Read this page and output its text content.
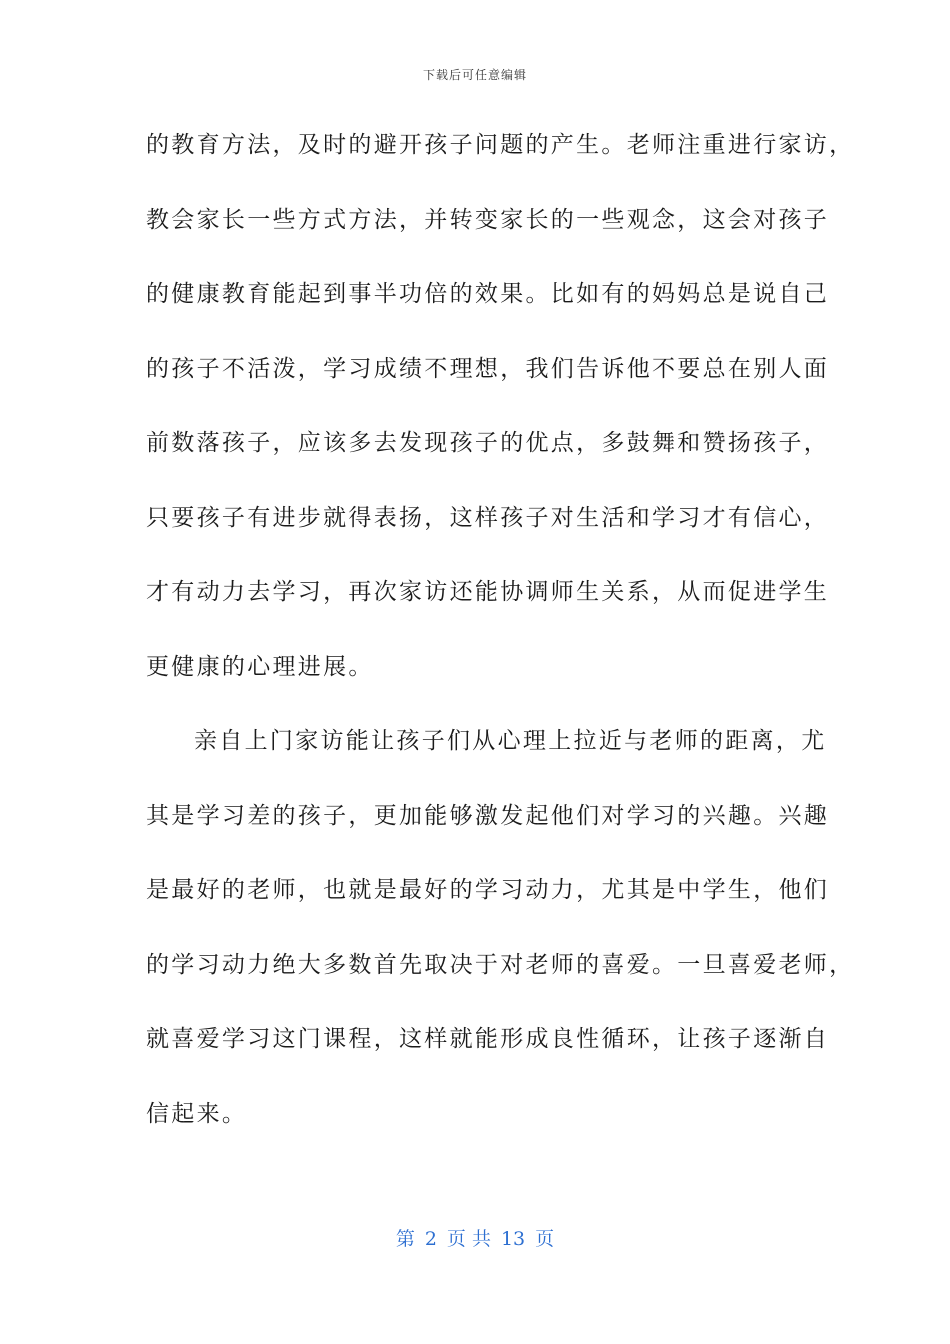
下载后可任意编辑
的教育方法，及时的避开孩子问题的产生。老师注重进行家访，
教会家长一些方式方法，并转变家长的一些观念，这会对孩子
的健康教育能起到事半功倍的效果。比如有的妈妈总是说自己
的孩子不活泼，学习成绩不理想，我们告诉他不要总在别人面
前数落孩子，应该多去发现孩子的优点，多鼓舞和赞扬孩子，
只要孩子有进步就得表扬，这样孩子对生活和学习才有信心，
才有动力去学习，再次家访还能协调师生关系，从而促进学生
更健康的心理进展。
亲自上门家访能让孩子们从心理上拉近与老师的距离，尤
其是学习差的孩子，更加能够激发起他们对学习的兴趣。兴趣
是最好的老师，也就是最好的学习动力，尤其是中学生，他们
的学习动力绝大多数首先取决于对老师的喜爱。一旦喜爱老师，
就喜爱学习这门课程，这样就能形成良性循环，让孩子逐渐自
信起来。
第 2 页 共 13 页
